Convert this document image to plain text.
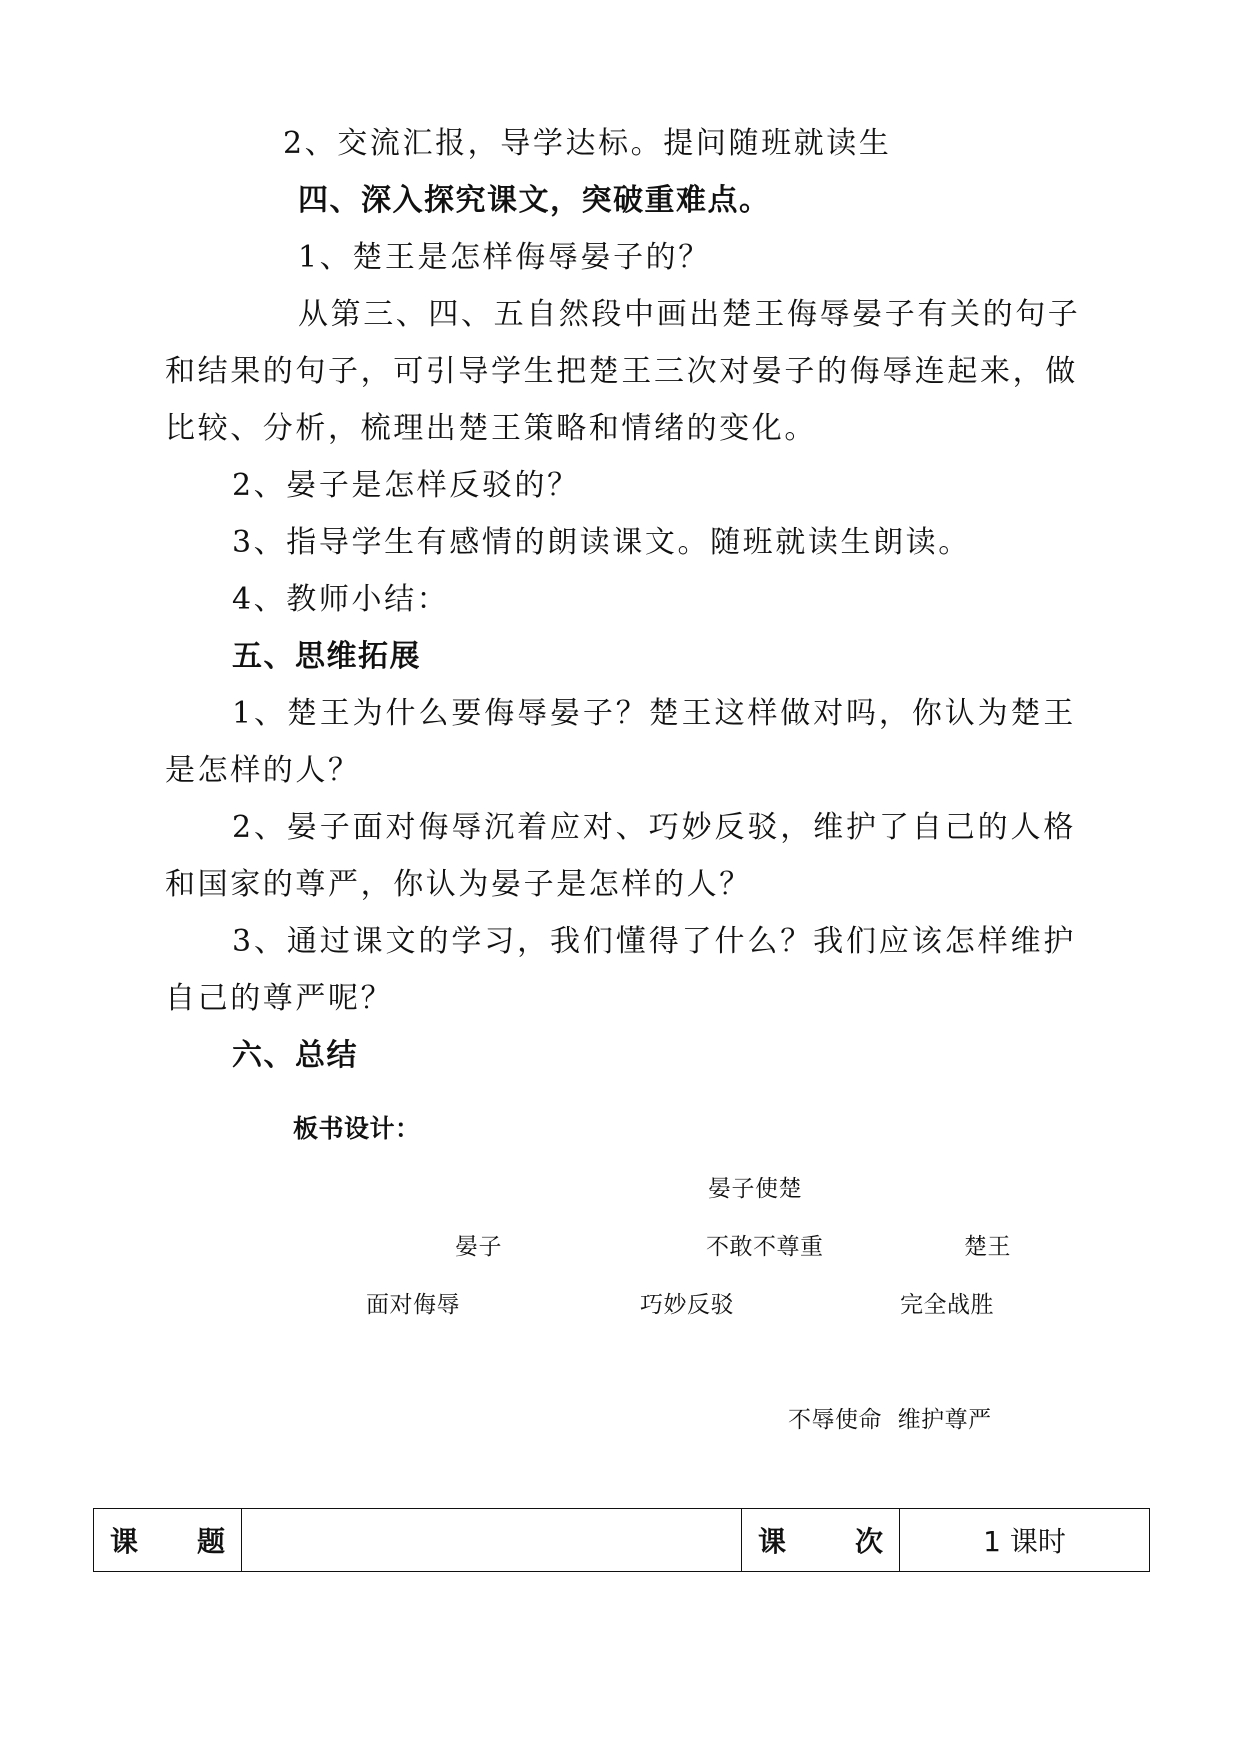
2、交流汇报，导学达标。提问随班就读生
四、深入探究课文，突破重难点。
1、楚王是怎样侮辱晏子的？
从第三、四、五自然段中画出楚王侮辱晏子有关的句子
和结果的句子，可引导学生把楚王三次对晏子的侮辱连起来，做
比较、分析，梳理出楚王策略和情绪的变化。
2、晏子是怎样反驳的？
3、指导学生有感情的朗读课文。随班就读生朗读。
4、教师小结：
五、思维拓展
1、楚王为什么要侮辱晏子？楚王这样做对吗，你认为楚王
是怎样的人？
2、晏子面对侮辱沉着应对、巧妙反驳，维护了自己的人格
和国家的尊严，你认为晏子是怎样的人？
3、通过课文的学习，我们懂得了什么？我们应该怎样维护
自己的尊严呢？
六、总结
板书设计：
晏子使楚
晏子	不敢不尊重	楚王
面对侮辱	巧妙反驳	完全战胜
不辱使命  维护尊严
课 题		课 次	1 课时
